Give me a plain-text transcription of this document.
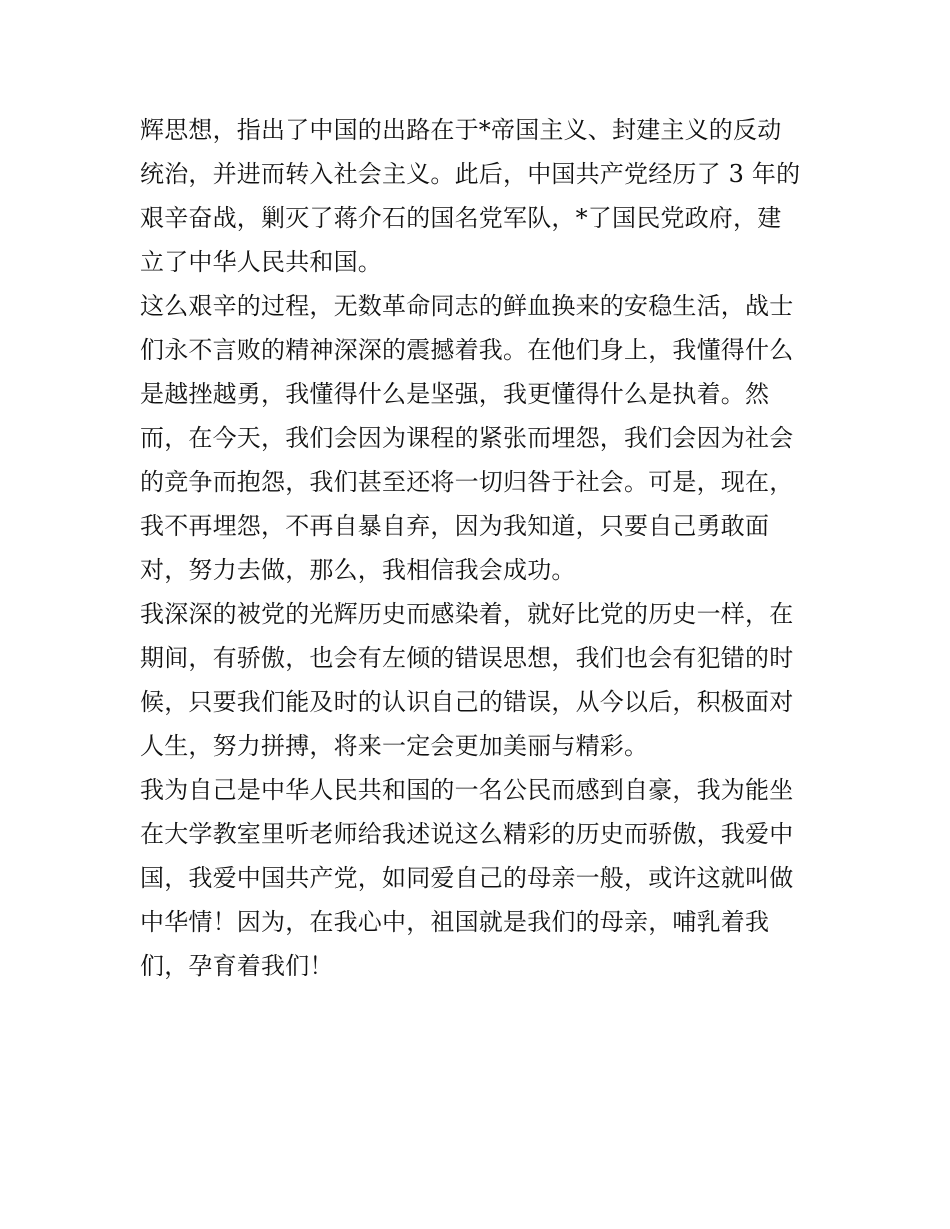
辉思想，指出了中国的出路在于*帝国主义、封建主义的反动
统治，并进而转入社会主义。此后，中国共产党经历了 3 年的
艰辛奋战，剿灭了蒋介石的国名党军队，*了国民党政府，建
立了中华人民共和国。
这么艰辛的过程，无数革命同志的鲜血换来的安稳生活，战士
们永不言败的精神深深的震撼着我。在他们身上，我懂得什么
是越挫越勇，我懂得什么是坚强，我更懂得什么是执着。然
而，在今天，我们会因为课程的紧张而埋怨，我们会因为社会
的竞争而抱怨，我们甚至还将一切归咎于社会。可是，现在，
我不再埋怨，不再自暴自弃，因为我知道，只要自己勇敢面
对，努力去做，那么，我相信我会成功。
我深深的被党的光辉历史而感染着，就好比党的历史一样，在
期间，有骄傲，也会有左倾的错误思想，我们也会有犯错的时
候，只要我们能及时的认识自己的错误，从今以后，积极面对
人生，努力拼搏，将来一定会更加美丽与精彩。
我为自己是中华人民共和国的一名公民而感到自豪，我为能坐
在大学教室里听老师给我述说这么精彩的历史而骄傲，我爱中
国，我爱中国共产党，如同爱自己的母亲一般，或许这就叫做
中华情！因为，在我心中，祖国就是我们的母亲，哺乳着我
们，孕育着我们！
